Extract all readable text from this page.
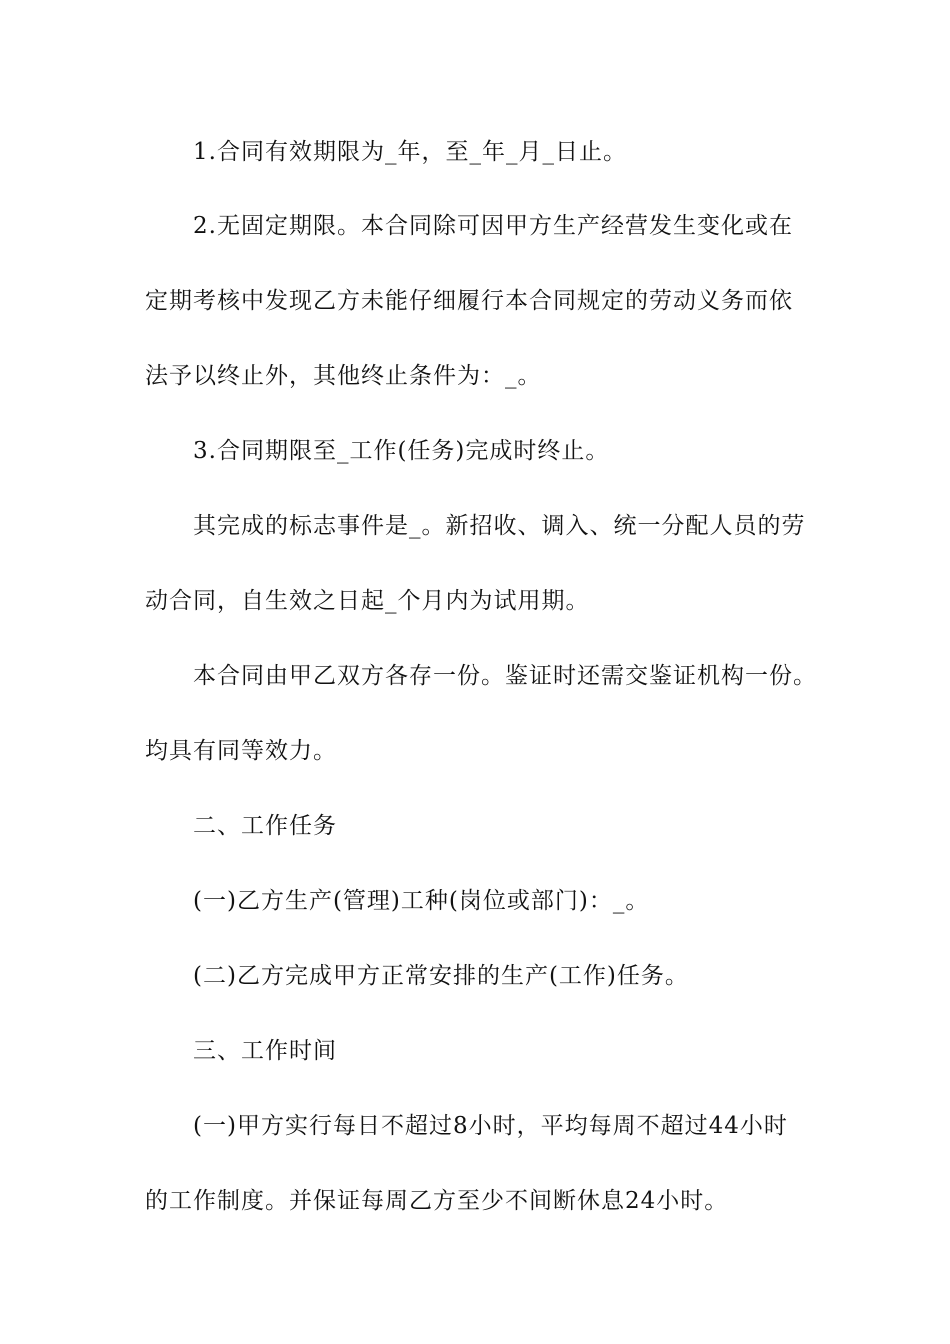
1.合同有效期限为_年，至_年_月_日止。
2.无固定期限。本合同除可因甲方生产经营发生变化或在
定期考核中发现乙方未能仔细履行本合同规定的劳动义务而依
法予以终止外，其他终止条件为：_。
3.合同期限至_工作(任务)完成时终止。
其完成的标志事件是_。新招收、调入、统一分配人员的劳
动合同，自生效之日起_个月内为试用期。
本合同由甲乙双方各存一份。鉴证时还需交鉴证机构一份。
均具有同等效力。
二、工作任务
(一)乙方生产(管理)工种(岗位或部门)：_。
(二)乙方完成甲方正常安排的生产(工作)任务。
三、工作时间
(一)甲方实行每日不超过8小时，平均每周不超过44小时
的工作制度。并保证每周乙方至少不间断休息24小时。
